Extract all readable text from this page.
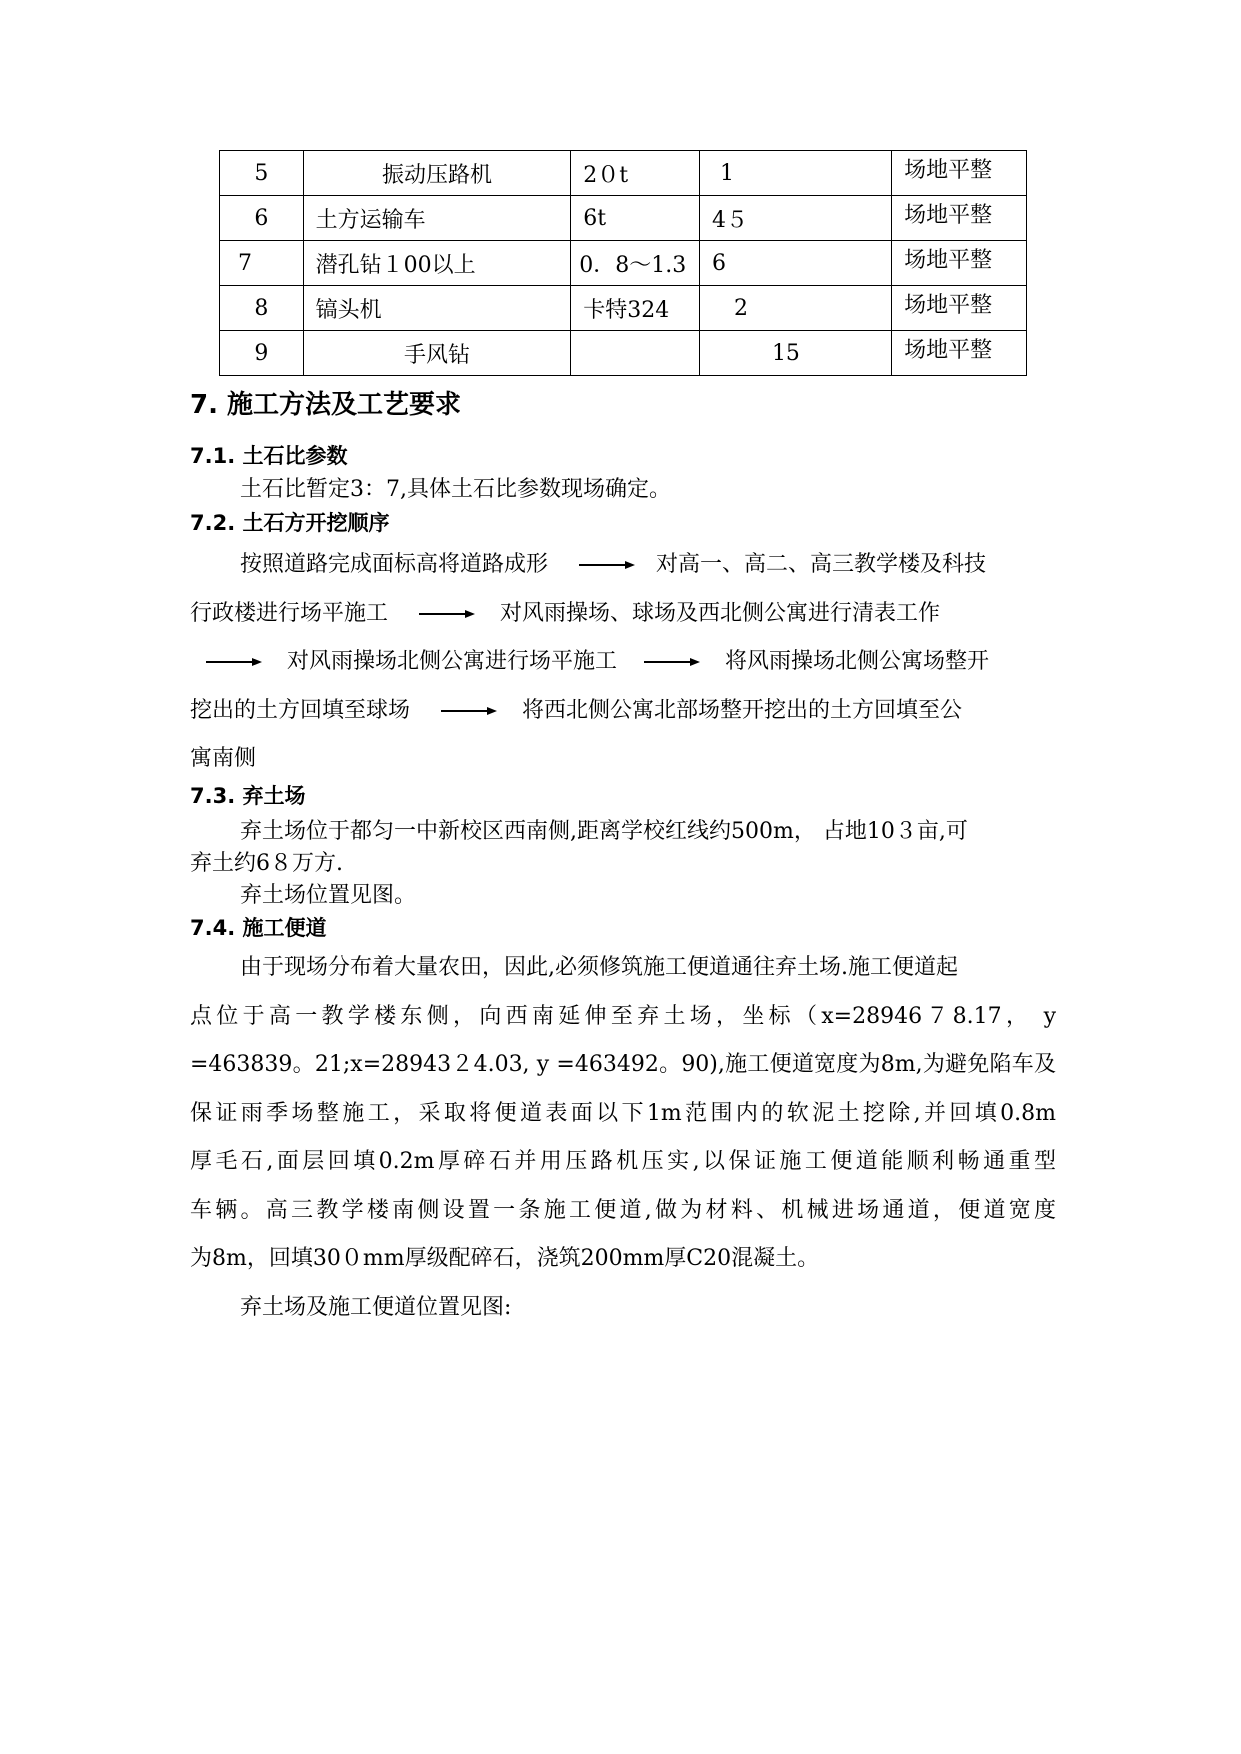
5	振动压路机	2０t	1	场地平整
6	土方运输车	6t	4５	场地平整
7	潜孔钻１00以上	0．8～1.3	6	场地平整
8	镐头机	卡特324	2	场地平整
9	手风钻		15	场地平整
7. 施工方法及工艺要求
7.1. 土石比参数
土石比暂定3：7,具体土石比参数现场确定。
7.2. 土石方开挖顺序
按照道路完成面标高将道路成形	对高一、高二、高三教学楼及科技
行政楼进行场平施工	对风雨操场、球场及西北侧公寓进行清表工作
对风雨操场北侧公寓进行场平施工	将风雨操场北侧公寓场整开
挖出的土方回填至球场	将西北侧公寓北部场整开挖出的土方回填至公
寓南侧
7.3. 弃土场
弃土场位于都匀一中新校区西南侧,距离学校红线约500m， 占地10３亩,可
弃土约6８万方.
弃土场位置见图。
7.4. 施工便道
由于现场分布着大量农田，因此,必须修筑施工便道通往弃土场.施工便道起
点位于高一教学楼东侧，向西南延伸至弃土场，坐标（x=28946７8.17， y
=463839。21;x=28943２4.03, y =463492。90),施工便道宽度为8m,为避免陷车及
保证雨季场整施工，采取将便道表面以下1m范围内的软泥土挖除,并回填0.8m
厚毛石,面层回填0.2m厚碎石并用压路机压实,以保证施工便道能顺利畅通重型
车辆。高三教学楼南侧设置一条施工便道,做为材料、机械进场通道，便道宽度
为8m，回填30０mm厚级配碎石，浇筑200mm厚C20混凝土。
弃土场及施工便道位置见图:
